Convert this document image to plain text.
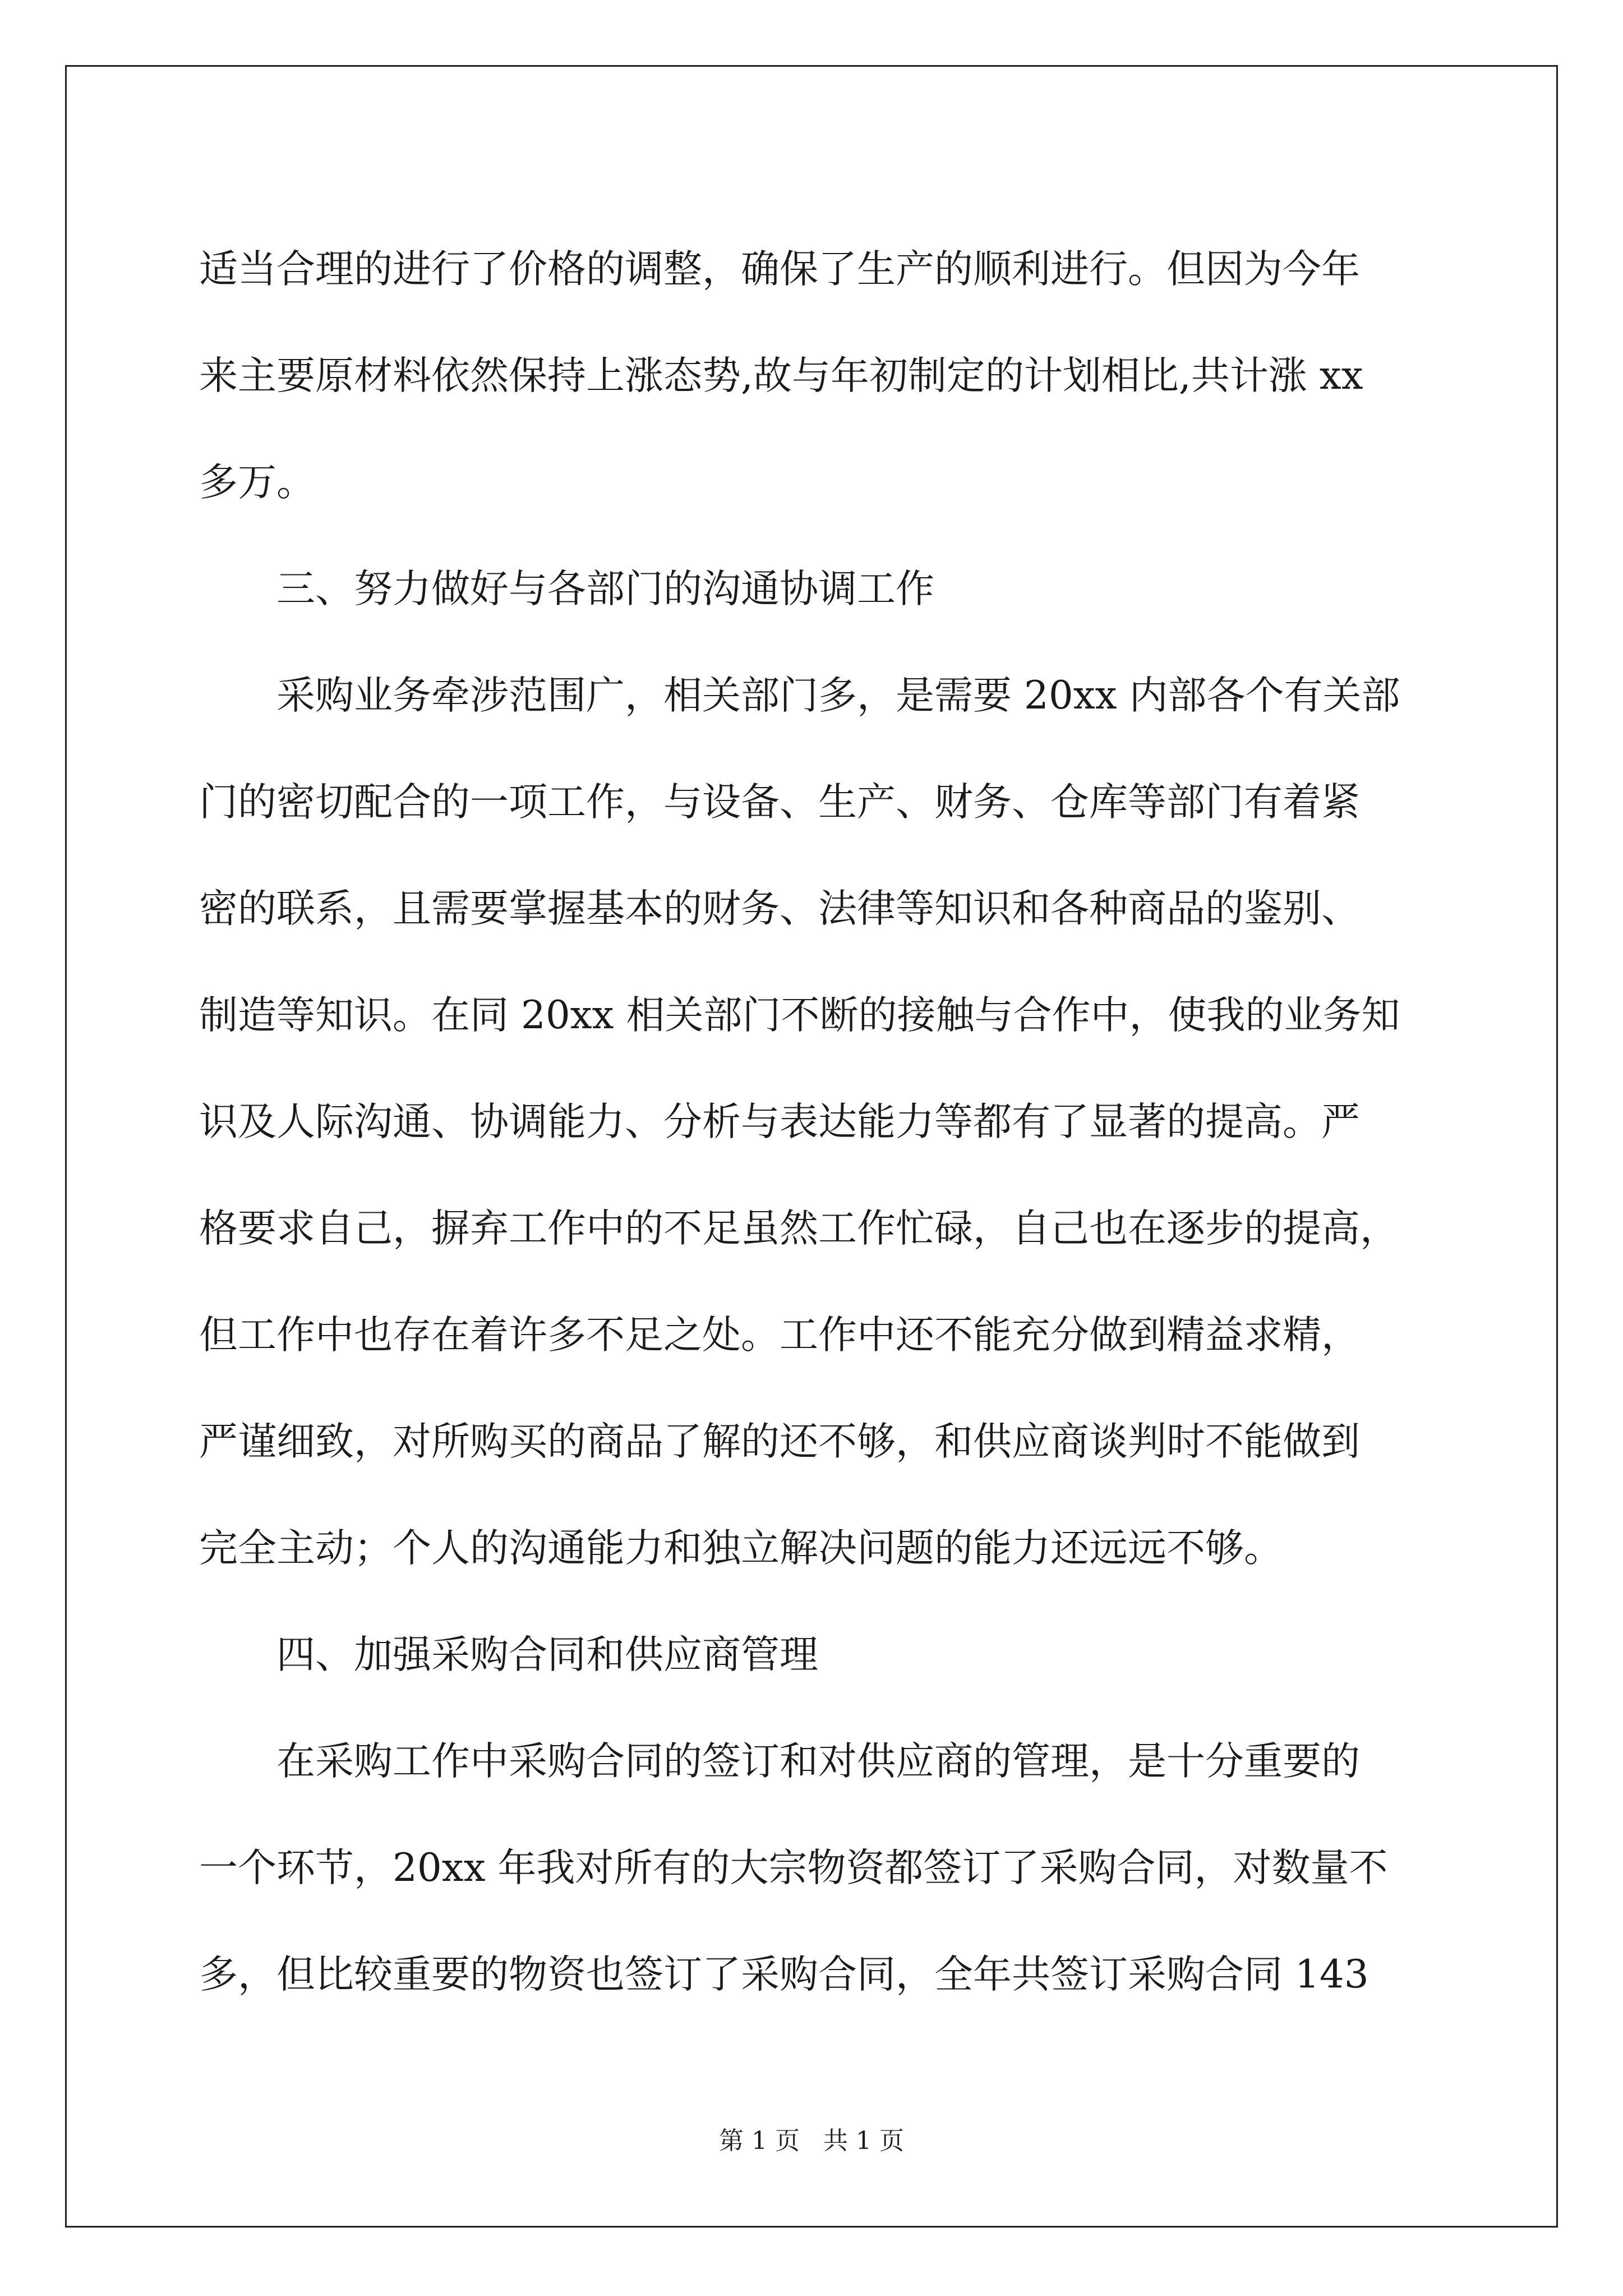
适当合理的进行了价格的调整，确保了生产的顺利进行。但因为今年
来主要原材料依然保持上涨态势,故与年初制定的计划相比,共计涨 xx
多万。
三、努力做好与各部门的沟通协调工作
采购业务牵涉范围广，相关部门多，是需要 20xx 内部各个有关部
门的密切配合的一项工作，与设备、生产、财务、仓库等部门有着紧
密的联系，且需要掌握基本的财务、法律等知识和各种商品的鉴别、
制造等知识。在同 20xx 相关部门不断的接触与合作中，使我的业务知
识及人际沟通、协调能力、分析与表达能力等都有了显著的提高。严
格要求自己，摒弃工作中的不足虽然工作忙碌，自己也在逐步的提高，
但工作中也存在着许多不足之处。工作中还不能充分做到精益求精，
严谨细致，对所购买的商品了解的还不够，和供应商谈判时不能做到
完全主动；个人的沟通能力和独立解决问题的能力还远远不够。
四、加强采购合同和供应商管理
在采购工作中采购合同的签订和对供应商的管理，是十分重要的
一个环节，20xx 年我对所有的大宗物资都签订了采购合同，对数量不
多，但比较重要的物资也签订了采购合同，全年共签订采购合同 143
第 1 页   共 1 页
